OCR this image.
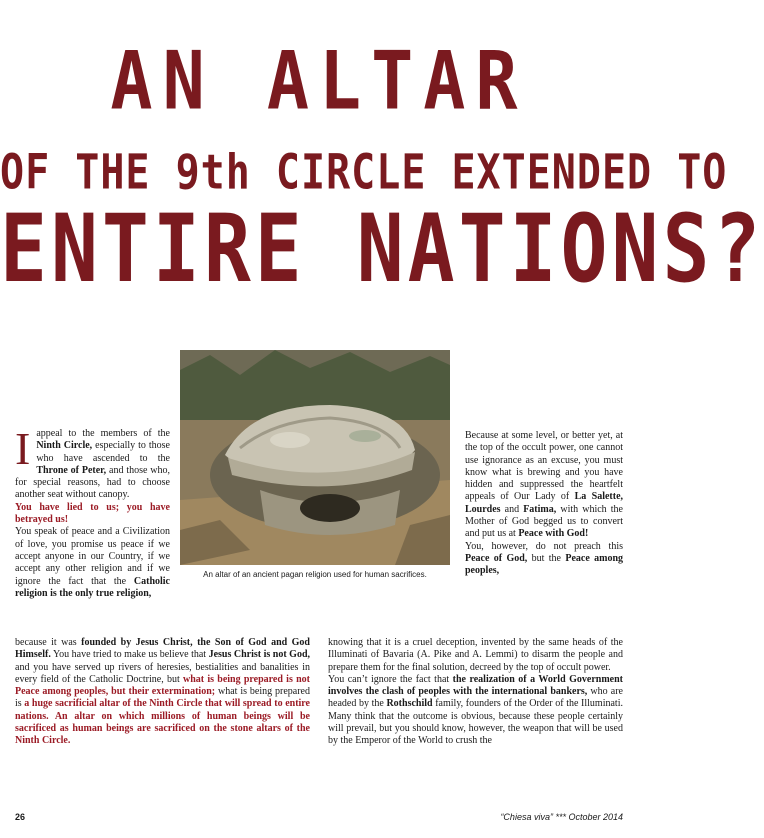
AN ALTAR
OF THE 9th CIRCLE EXTENDED TO
ENTIRE NATIONS?
An altar of an ancient pagan religion used for human sacrifices.
I appeal to the members of the Ninth Circle, especially to those who have ascended to the Throne of Peter, and those who, for special reasons, had to choose another seat without canopy.

You have lied to us; you have betrayed us!

You speak of peace and a Civilization of love, you promise us peace if we accept anyone in our Country, if we accept any other religion and if we ignore the fact that the Catholic religion is the only true religion,

because it was founded by Jesus Christ, the Son of God and God Himself. You have tried to make us believe that Jesus Christ is not God, and you have served up rivers of heresies, bestialities and banalities in every field of the Catholic Doctrine, but what is being prepared is not Peace among peoples, but their extermination; what is being prepared is a huge sacrificial altar of the Ninth Circle that will spread to entire nations. An altar on which millions of human beings will be sacrificed as human beings are sacrificed on the stone altars of the Ninth Circle.

Because at some level, or better yet, at the top of the occult power, one cannot use ignorance as an excuse, you must know what is brewing and you have hidden and suppressed the heartfelt appeals of Our Lady of La Salette, Lourdes and Fatima, with which the Mother of God begged us to convert and put us at Peace with God!

You, however, do not preach this Peace of God, but the Peace among peoples,

knowing that it is a cruel deception, invented by the same heads of the Illuminati of Bavaria (A. Pike and A. Lemmi) to disarm the people and prepare them for the final solution, decreed by the top of occult power.

You can’t ignore the fact that the realization of a World Government involves the clash of peoples with the international bankers, who are headed by the Rothschild family, founders of the Order of the Illuminati. Many think that the outcome is obvious, because these people certainly will prevail, but you should know, however, the weapon that will be used by the Emperor of the World to crush the

26	“Chiesa viva” *** October 2014
